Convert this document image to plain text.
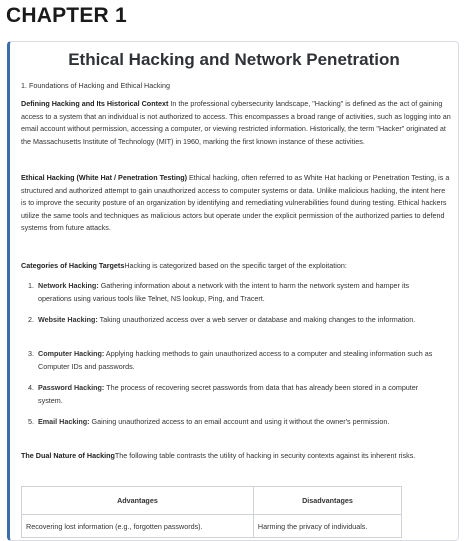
CHAPTER 1
Ethical Hacking and Network Penetration
1. Foundations of Hacking and Ethical Hacking
Defining Hacking and Its Historical Context In the professional cybersecurity landscape, "Hacking" is defined as the act of gaining access to a system that an individual is not authorized to access. This encompasses a broad range of activities, such as logging into an email account without permission, accessing a computer, or viewing restricted information. Historically, the term "Hacker" originated at the Massachusetts Institute of Technology (MIT) in 1960, marking the first known instance of these activities.
Ethical Hacking (White Hat / Penetration Testing) Ethical hacking, often referred to as White Hat hacking or Penetration Testing, is a structured and authorized attempt to gain unauthorized access to computer systems or data. Unlike malicious hacking, the intent here is to improve the security posture of an organization by identifying and remediating vulnerabilities found during testing. Ethical hackers utilize the same tools and techniques as malicious actors but operate under the explicit permission of the authorized parties to defend systems from future attacks.
Categories of Hacking TargetsHacking is categorized based on the specific target of the exploitation:
1. Network Hacking: Gathering information about a network with the intent to harm the network system and hamper its operations using various tools like Telnet, NS lookup, Ping, and Tracert.
2. Website Hacking: Taking unauthorized access over a web server or database and making changes to the information.
3. Computer Hacking: Applying hacking methods to gain unauthorized access to a computer and stealing information such as Computer IDs and passwords.
4. Password Hacking: The process of recovering secret passwords from data that has already been stored in a computer system.
5. Email Hacking: Gaining unauthorized access to an email account and using it without the owner's permission.
The Dual Nature of HackingThe following table contrasts the utility of hacking in security contexts against its inherent risks.
Advantages	Disadvantages
Recovering lost information (e.g., forgotten passwords).	Harming the privacy of individuals.
